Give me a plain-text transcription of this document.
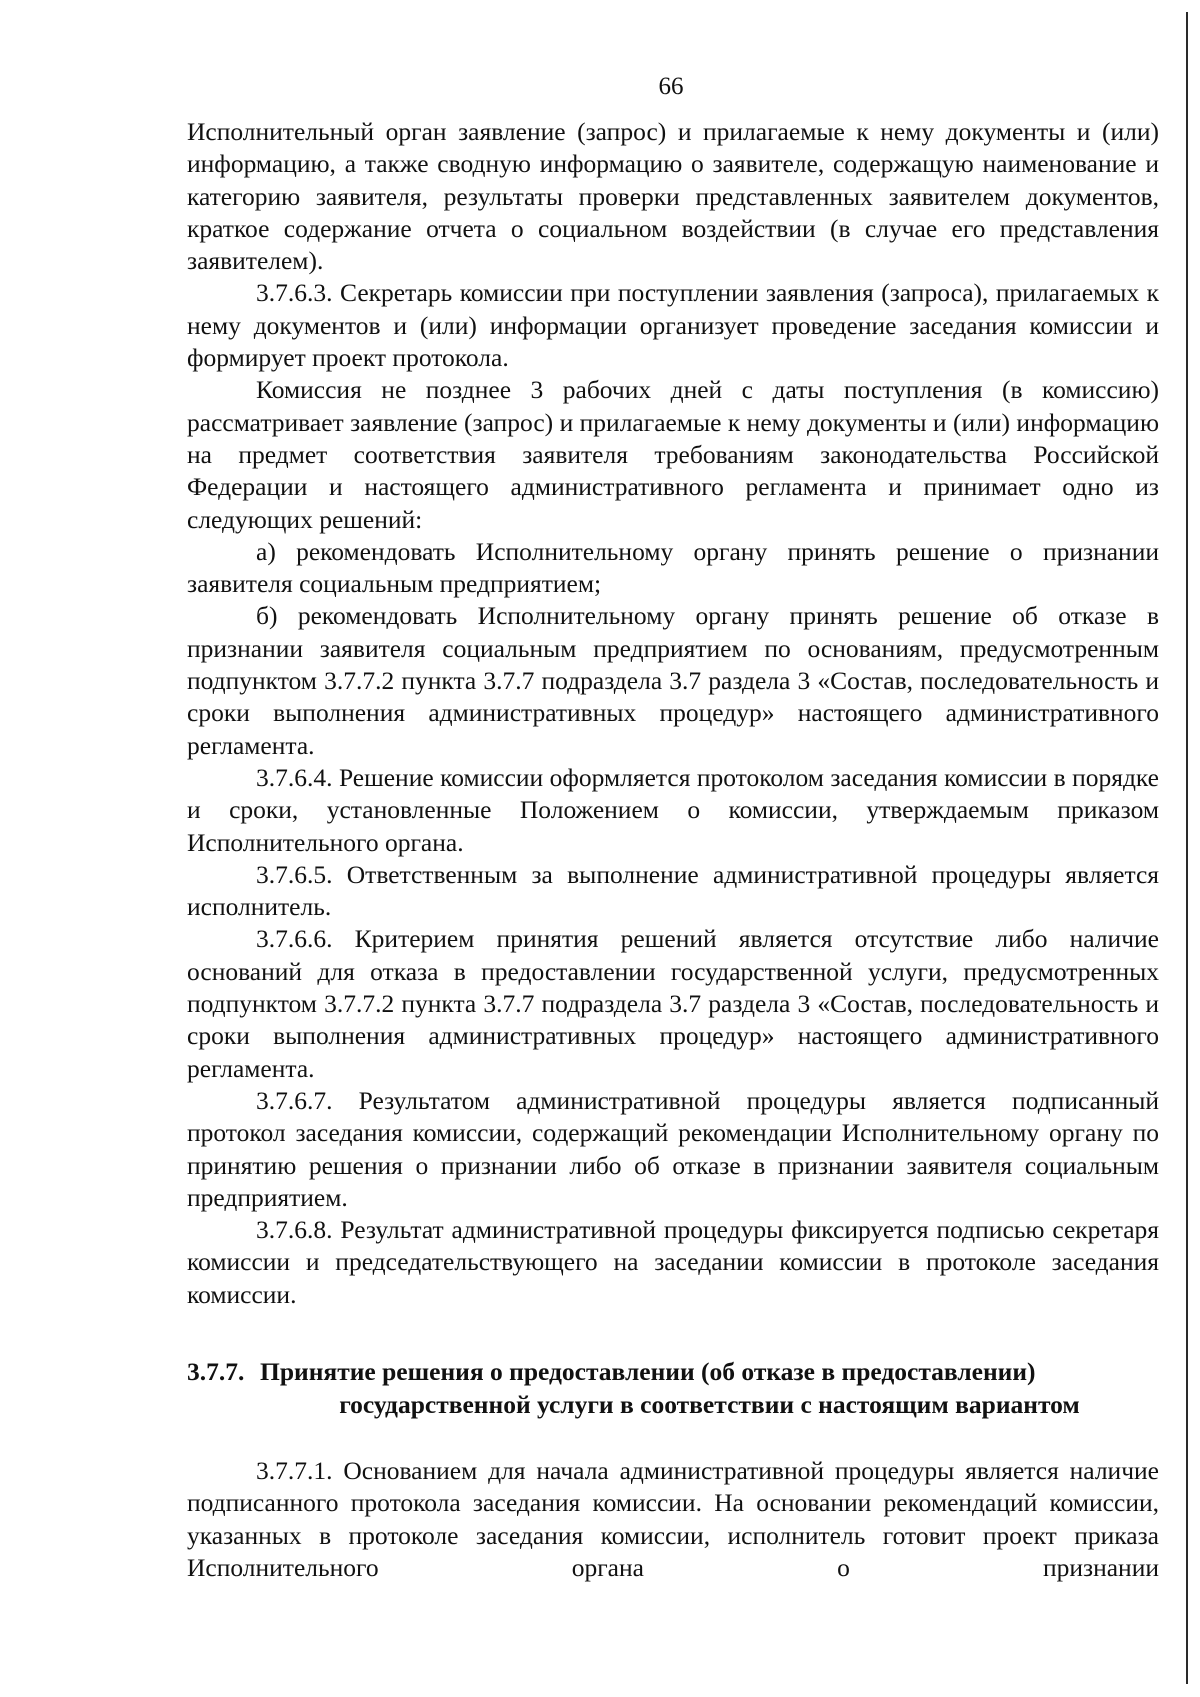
66

Исполнительный орган заявление (запрос) и прилагаемые к нему документы и (или) информацию, а также сводную информацию о заявителе, содержащую наименование и категорию заявителя, результаты проверки представленных заявителем документов, краткое содержание отчета о социальном воздействии (в случае его представления заявителем).

3.7.6.3. Секретарь комиссии при поступлении заявления (запроса), прилагаемых к нему документов и (или) информации организует проведение заседания комиссии и формирует проект протокола.

Комиссия не позднее 3 рабочих дней с даты поступления (в комиссию) рассматривает заявление (запрос) и прилагаемые к нему документы и (или) информацию на предмет соответствия заявителя требованиям законодательства Российской Федерации и настоящего административного регламента и принимает одно из следующих решений:

а) рекомендовать Исполнительному органу принять решение о признании заявителя социальным предприятием;

б) рекомендовать Исполнительному органу принять решение об отказе в признании заявителя социальным предприятием по основаниям, предусмотренным подпунктом 3.7.7.2 пункта 3.7.7 подраздела 3.7 раздела 3 «Состав, последовательность и сроки выполнения административных процедур» настоящего административного регламента.

3.7.6.4. Решение комиссии оформляется протоколом заседания комиссии в порядке и сроки, установленные Положением о комиссии, утверждаемым приказом Исполнительного органа.

3.7.6.5. Ответственным за выполнение административной процедуры является исполнитель.

3.7.6.6. Критерием принятия решений является отсутствие либо наличие оснований для отказа в предоставлении государственной услуги, предусмотренных подпунктом 3.7.7.2 пункта 3.7.7 подраздела 3.7 раздела 3 «Состав, последовательность и сроки выполнения административных процедур» настоящего административного регламента.

3.7.6.7. Результатом административной процедуры является подписанный протокол заседания комиссии, содержащий рекомендации Исполнительному органу по принятию решения о признании либо об отказе в признании заявителя социальным предприятием.

3.7.6.8. Результат административной процедуры фиксируется подписью секретаря комиссии и председательствующего на заседании комиссии в протоколе заседания комиссии.

3.7.7. Принятие решения о предоставлении (об отказе в предоставлении)
государственной услуги в соответствии с настоящим вариантом

3.7.7.1. Основанием для начала административной процедуры является наличие подписанного протокола заседания комиссии. На основании рекомендаций комиссии, указанных в протоколе заседания комиссии, исполнитель готовит проект приказа Исполнительного органа о признании
